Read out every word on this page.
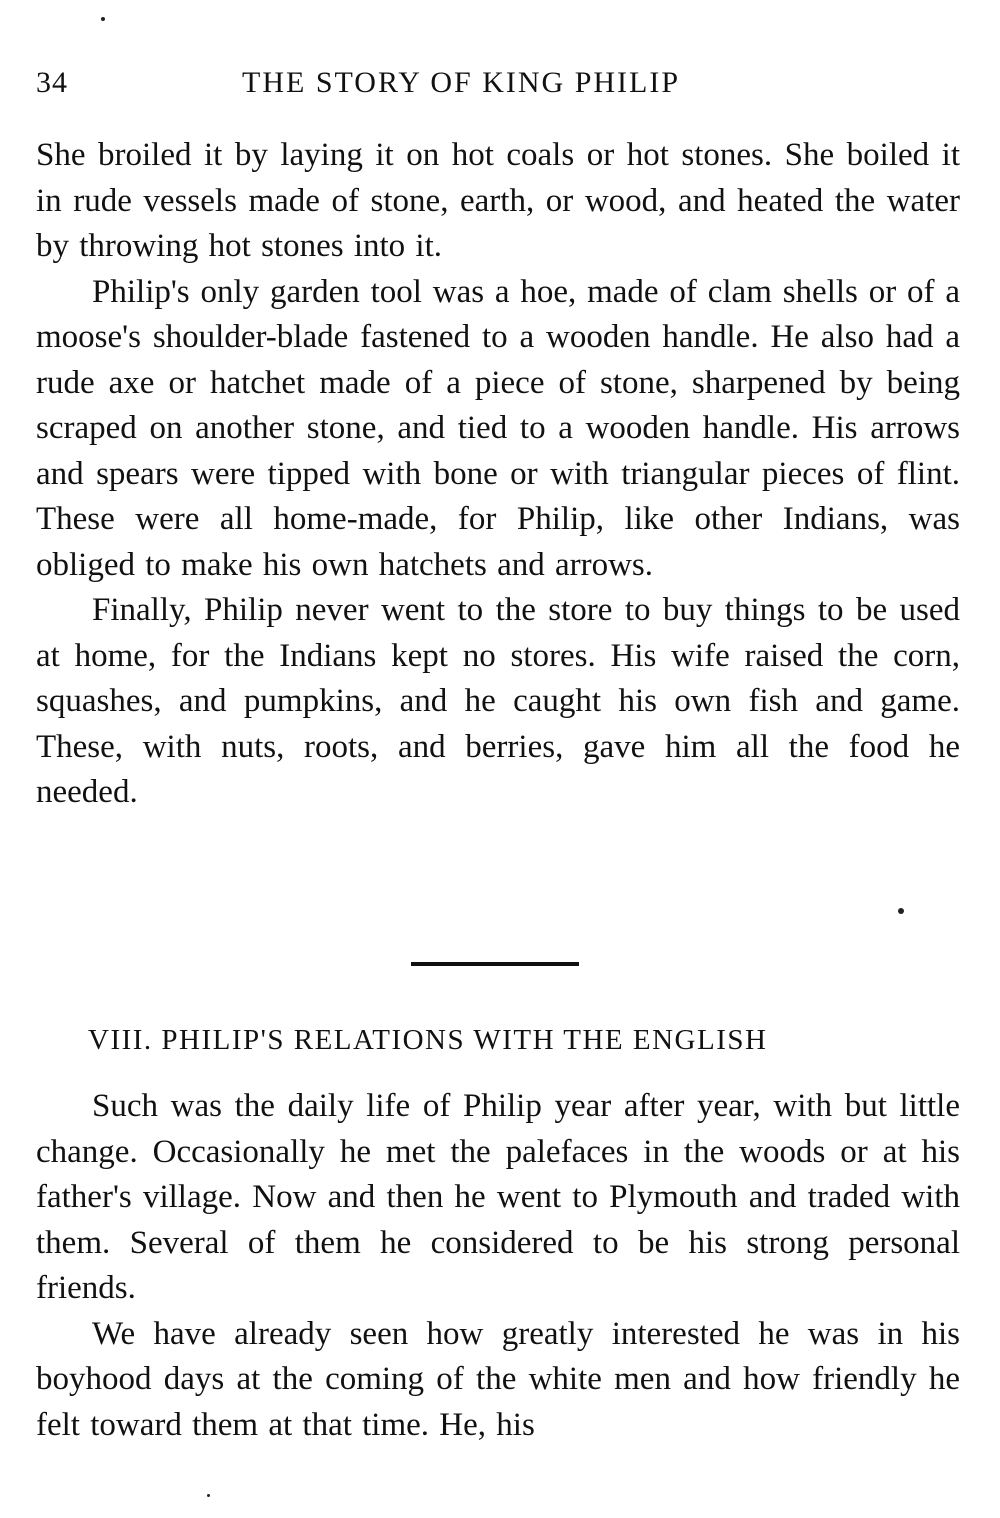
34	THE STORY OF KING PHILIP

She broiled it by laying it on hot coals or hot stones. She boiled it in rude vessels made of stone, earth, or wood, and heated the water by throwing hot stones into it.

Philip's only garden tool was a hoe, made of clam shells or of a moose's shoulder-blade fastened to a wooden handle. He also had a rude axe or hatchet made of a piece of stone, sharpened by being scraped on another stone, and tied to a wooden handle. His arrows and spears were tipped with bone or with triangular pieces of flint. These were all home-made, for Philip, like other Indians, was obliged to make his own hatchets and arrows.

Finally, Philip never went to the store to buy things to be used at home, for the Indians kept no stores. His wife raised the corn, squashes, and pumpkins, and he caught his own fish and game. These, with nuts, roots, and berries, gave him all the food he needed.

VIII. PHILIP'S RELATIONS WITH THE ENGLISH

Such was the daily life of Philip year after year, with but little change. Occasionally he met the palefaces in the woods or at his father's village. Now and then he went to Plymouth and traded with them. Several of them he considered to be his strong personal friends.

We have already seen how greatly interested he was in his boyhood days at the coming of the white men and how friendly he felt toward them at that time. He, his
